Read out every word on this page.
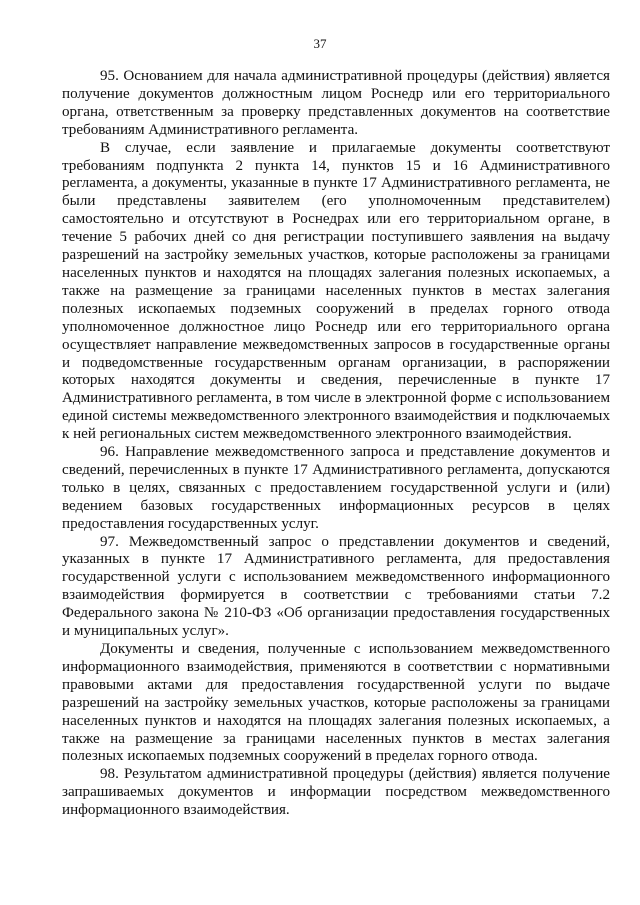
37

95. Основанием для начала административной процедуры (действия) является получение документов должностным лицом Роснедр или его территориального органа, ответственным за проверку представленных документов на соответствие требованиям Административного регламента.

В случае, если заявление и прилагаемые документы соответствуют требованиям подпункта 2 пункта 14, пунктов 15 и 16 Административного регламента, а документы, указанные в пункте 17 Административного регламента, не были представлены заявителем (его уполномоченным представителем) самостоятельно и отсутствуют в Роснедрах или его территориальном органе, в течение 5 рабочих дней со дня регистрации поступившего заявления на выдачу разрешений на застройку земельных участков, которые расположены за границами населенных пунктов и находятся на площадях залегания полезных ископаемых, а также на размещение за границами населенных пунктов в местах залегания полезных ископаемых подземных сооружений в пределах горного отвода уполномоченное должностное лицо Роснедр или его территориального органа осуществляет направление межведомственных запросов в государственные органы и подведомственные государственным органам организации, в распоряжении которых находятся документы и сведения, перечисленные в пункте 17 Административного регламента, в том числе в электронной форме с использованием единой системы межведомственного электронного взаимодействия и подключаемых к ней региональных систем межведомственного электронного взаимодействия.

96. Направление межведомственного запроса и представление документов и сведений, перечисленных в пункте 17 Административного регламента, допускаются только в целях, связанных с предоставлением государственной услуги и (или) ведением базовых государственных информационных ресурсов в целях предоставления государственных услуг.

97. Межведомственный запрос о представлении документов и сведений, указанных в пункте 17 Административного регламента, для предоставления государственной услуги с использованием межведомственного информационного взаимодействия формируется в соответствии с требованиями статьи 7.2 Федерального закона № 210-ФЗ «Об организации предоставления государственных и муниципальных услуг».

Документы и сведения, полученные с использованием межведомственного информационного взаимодействия, применяются в соответствии с нормативными правовыми актами для предоставления государственной услуги по выдаче разрешений на застройку земельных участков, которые расположены за границами населенных пунктов и находятся на площадях залегания полезных ископаемых, а также на размещение за границами населенных пунктов в местах залегания полезных ископаемых подземных сооружений в пределах горного отвода.

98. Результатом административной процедуры (действия) является получение запрашиваемых документов и информации посредством межведомственного информационного взаимодействия.
